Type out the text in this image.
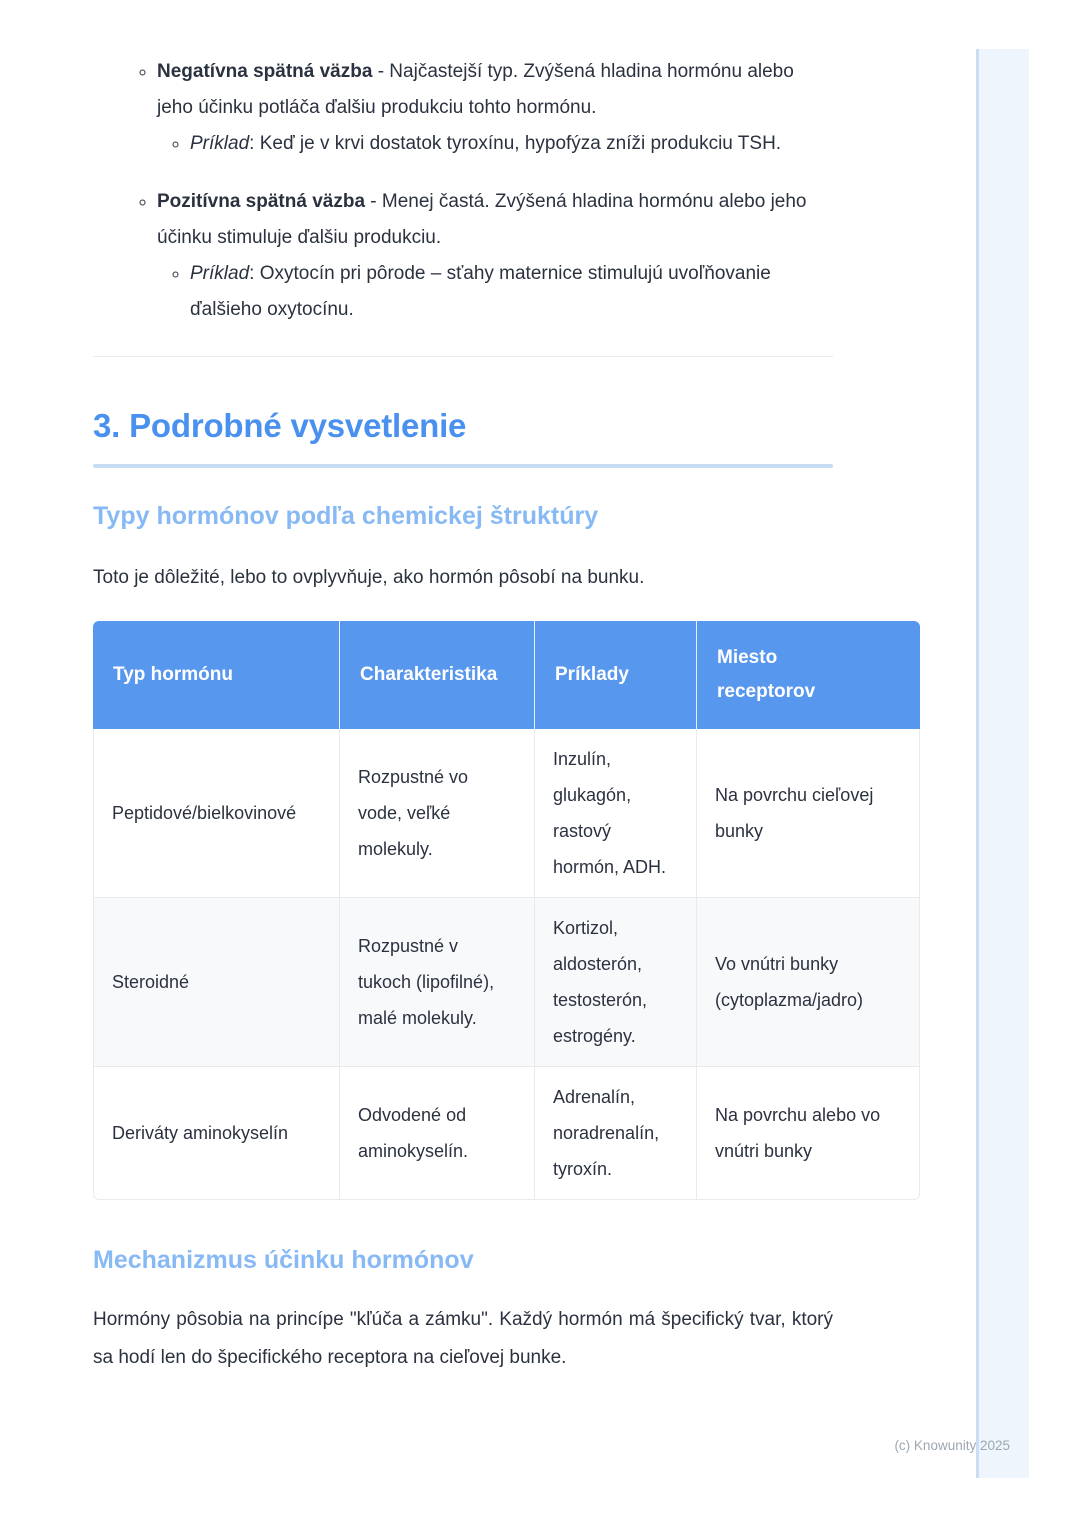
◦ Negatívna spätná väzba - Najčastejší typ. Zvýšená hladina hormónu alebo jeho účinku potláča ďalšiu produkciu tohto hormónu.
◦ Príklad: Keď je v krvi dostatok tyroxínu, hypofýza zníži produkciu TSH.
◦ Pozitívna spätná väzba - Menej častá. Zvýšená hladina hormónu alebo jeho účinku stimuluje ďalšiu produkciu.
◦ Príklad: Oxytocín pri pôrode – sťahy maternice stimulujú uvoľňovanie ďalšieho oxytocínu.
3. Podrobné vysvetlenie
Typy hormónov podľa chemickej štruktúry

Toto je dôležité, lebo to ovplyvňuje, ako hormón pôsobí na bunku.

Typ hormónu	Charakteristika	Príklady	Miesto receptorov
Peptidové/bielkovinové	Rozpustné vo vode, veľké molekuly.	Inzulín, glukagón, rastový hormón, ADH.	Na povrchu cieľovej bunky
Steroidné	Rozpustné v tukoch (lipofilné), malé molekuly.	Kortizol, aldosterón, testosterón, estrogény.	Vo vnútri bunky (cytoplazma/jadro)
Deriváty aminokyselín	Odvodené od aminokyselín.	Adrenalín, noradrenalín, tyroxín.	Na povrchu alebo vo vnútri bunky
Mechanizmus účinku hormónov

Hormóny pôsobia na princípe "kľúča a zámku". Každý hormón má špecifický tvar, ktorý sa hodí len do špecifického receptora na cieľovej bunke.

(c) Knowunity 2025
